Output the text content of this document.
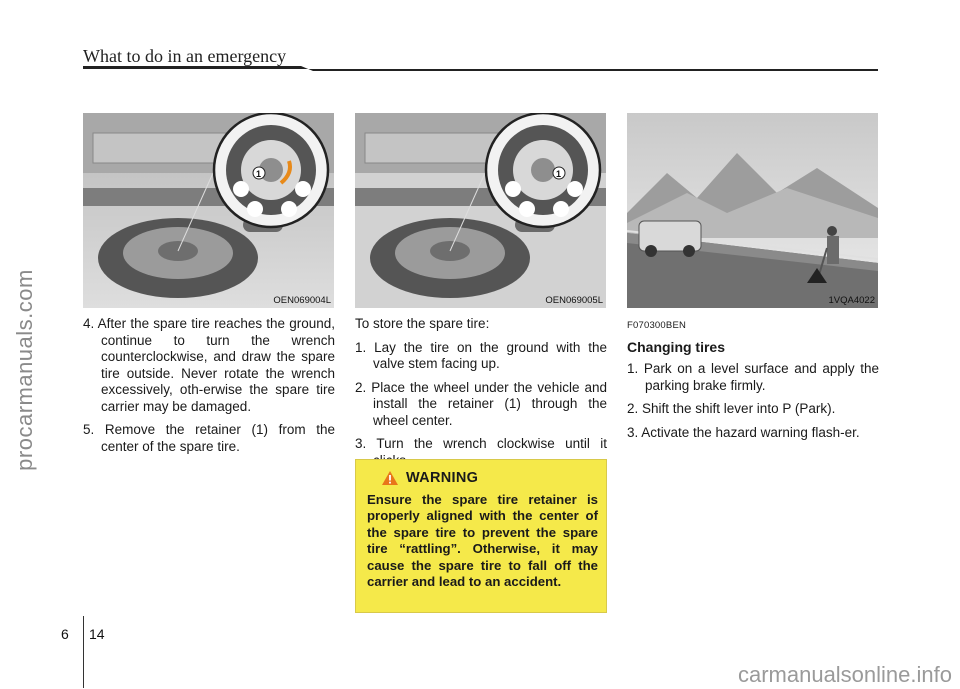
What to do in an emergency
procarmanuals.com
1
OEN069004L
1
OEN069005L	1VQA4022

4. After the spare tire reaches the ground, continue to turn the wrench counterclockwise, and draw the spare tire outside. Never rotate the wrench excessively, oth-erwise the spare tire carrier may be damaged.

5. Remove the retainer (1) from the center of the spare tire.

To store the spare tire:

1. Lay the tire on the ground with the valve stem facing up.

2. Place the wheel under the vehicle and install the retainer (1) through the wheel center.

3. Turn the wrench clockwise until it

WARNING
Ensure the spare tire retainer is properly aligned with the center of the spare tire to prevent the spare tire “rattling”. Otherwise, it may cause the spare tire to fall off the carrier and lead to an accident.
F070300BEN
Changing tires

1. Park on a level surface and apply the parking brake firmly.

2. Shift the shift lever into P (Park).

3. Activate the hazard warning flash-er.

6 14
carmanualsonline.info
